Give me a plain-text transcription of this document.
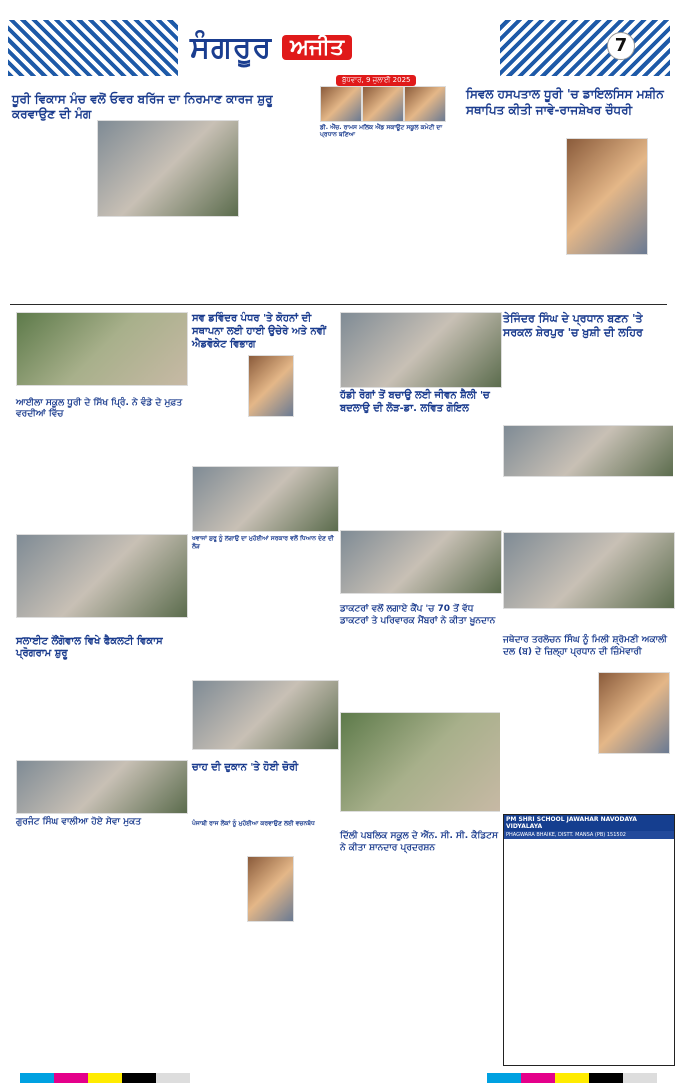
ਸੰਗਰੂਰ ਅਜੀਤ
ਬੁੱਧਵਾਰ, 9 ਜੁਲਾਈ 2025
7
ਧੂਰੀ ਵਿਕਾਸ ਮੰਚ ਵਲੋਂ ਓਵਰ ਬਰਿੱਜ ਦਾ ਨਿਰਮਾਣ ਕਾਰਜ ਸ਼ੁਰੂ ਕਰਵਾਉਣ ਦੀ ਮੰਗ
ਸਿਵਲ ਹਸਪਤਾਲ ਧੂਰੀ 'ਚ ਡਾਇਲਸਿਸ ਮਸ਼ੀਨ ਸਥਾਪਿਤ ਕੀਤੀ ਜਾਵੇ-ਰਾਜਸ਼ੇਖਰ ਚੌਧਰੀ
ਡੀ. ਐੱਚ. ਰਾਮਸ ਮਲਿਕ ਐਂਡ ਸਕਾਊਟ ਸਕੂਲ ਕਮੇਟੀ ਦਾ ਪ੍ਰਧਾਨ ਬਣਿਆ
ਸਵ ਡਵਿੰਦਰ ਪੰਧਰ 'ਤੇ ਕੋਹਨਾਂ ਦੀ ਸਥਾਪਨਾ ਲਈ ਹਾਈ ਉਚੇਰੇ ਅਤੇ ਨਵੀਂ ਐਡਵੋਕੇਟ ਵਿਭਾਗ
ਤੇਜਿੰਦਰ ਸਿੰਘ ਦੇ ਪ੍ਰਧਾਨ ਬਣਨ 'ਤੇ ਸਰਕਲ ਸ਼ੇਰਪੁਰ 'ਚ ਖ਼ੁਸ਼ੀ ਦੀ ਲਹਿਰ
ਆਈਲਾ ਸਕੂਲ ਧੂਰੀ ਦੇ ਸਿੱਖ ਪ੍ਰਿੰ. ਨੇ ਵੰਡੇ ਦੇ ਮੁਫ਼ਤ ਵਰਦੀਆਂ ਵਿੱਚ
ਹੱਡੀ ਰੋਗਾਂ ਤੋਂ ਬਚਾਉ ਲਈ ਜੀਵਨ ਸ਼ੈਲੀ 'ਚ ਬਦਲਾਉ ਦੀ ਲੋੜ-ਡਾ. ਲਵਿਤ ਗੋਇਲ
ਖਵਾਜਾਂ ਸ਼ੁਰੂ ਨੂੰ ਲਗਾਉ ਦਾ ਮੁਹੱਈਆਂ ਸਰਕਾਰ ਵਲੋਂ ਧਿਆਨ ਦੇਣ ਦੀ ਲੋੜ
ਡਾਕਟਰਾਂ ਵਲੋਂ ਲਗਾਏ ਕੈਂਪ 'ਚ 70 ਤੋਂ ਵੱਧ ਡਾਕਟਰਾਂ ਤੇ ਪਰਿਵਾਰਕ ਮੈਂਬਰਾਂ ਨੇ ਕੀਤਾ ਖ਼ੂਨਦਾਨ
ਸਲਾਈਟ ਲੌਂਗੋਵਾਲ ਵਿਖੇ ਫੈਕਲਟੀ ਵਿਕਾਸ ਪ੍ਰੋਗਰਾਮ ਸ਼ੁਰੂ
ਗੁਰਜੰਟ ਸਿੰਘ ਵਾਲੀਆ ਹੋਏ ਸੇਵਾ ਮੁਕਤ
ਚਾਹ ਦੀ ਦੁਕਾਨ 'ਤੇ ਹੋਈ ਚੋਰੀ
ਪੰਜਾਬੀ ਰਾਜ ਲੋਕਾਂ ਨੂੰ ਮੁਹੱਈਆ ਕਰਵਾਉਣ ਲਈ ਵਚਨਬੱਧ
ਦਿੱਲੀ ਪਬਲਿਕ ਸਕੂਲ ਦੇ ਐੱਨ. ਸੀ. ਸੀ. ਕੈਡਿਟਸ ਨੇ ਕੀਤਾ ਸ਼ਾਨਦਾਰ ਪ੍ਰਦਰਸ਼ਨ
ਜਥੇਦਾਰ ਤਰਲੋਚਨ ਸਿੰਘ ਨੂੰ ਮਿਲੀ ਸ਼੍ਰੋਮਣੀ ਅਕਾਲੀ ਦਲ (ਬ) ਦੇ ਜ਼ਿਲ੍ਹਾ ਪ੍ਰਧਾਨ ਦੀ ਜ਼ਿੰਮੇਵਾਰੀ
PM SHRI SCHOOL JAWAHAR NAVODAYA VIDYALAYA
PHAGWARA BHAIKE, DISTT. MANSA (PB) 151502
